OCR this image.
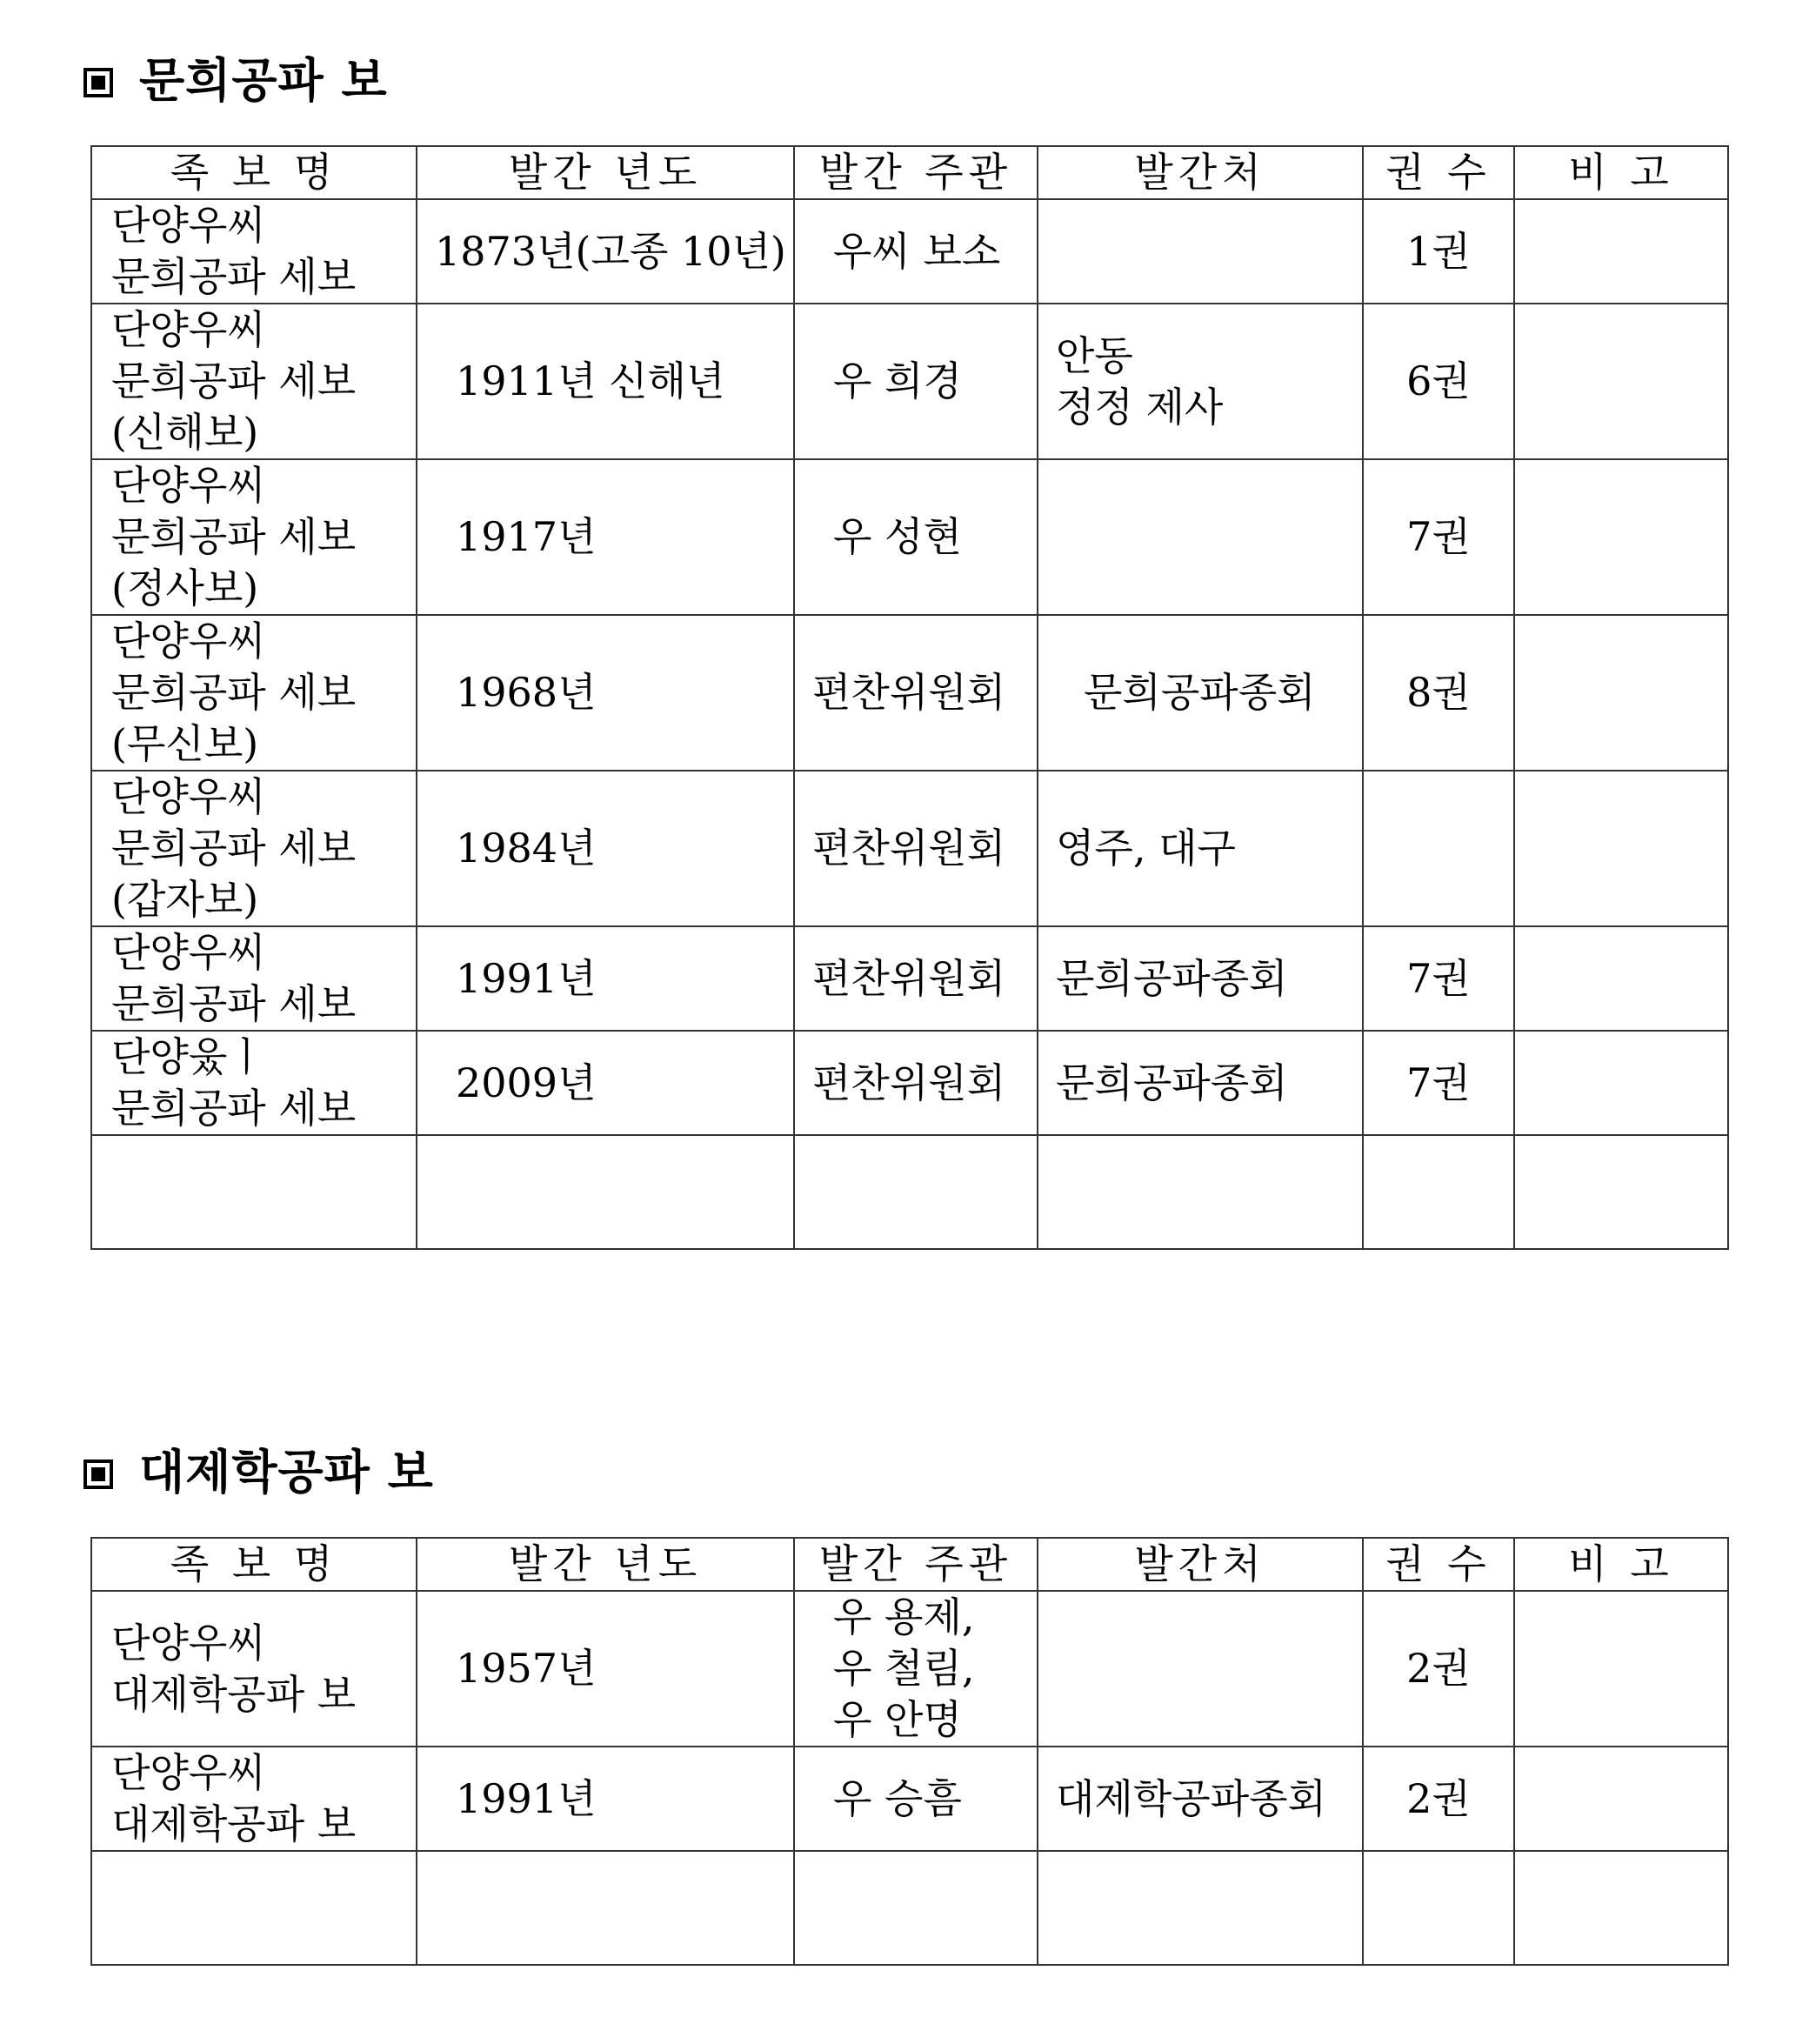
문희공파 보
족 보 명	발간 년도	발간 주관	발간처	권 수	비 고
단양우씨
문희공파 세보	1873년(고종 10년)	우씨 보소		1권	
단양우씨
문희공파 세보
(신해보)	1911년 신해년	우 희경	안동
정정 제사	6권	
단양우씨
문희공파 세보
(정사보)	1917년	우 성현		7권	
단양우씨
문희공파 세보
(무신보)	1968년	편찬위원회	문희공파종회	8권	
단양우씨
문희공파 세보
(갑자보)	1984년	편찬위원회	영주, 대구		
단양우씨
문희공파 세보	1991년	편찬위원회	문희공파종회	7권	
단양웄ㅣ
문희공파 세보	2009년	편찬위원회	문희공파종회	7권	

대제학공파 보
족 보 명	발간 년도	발간 주관	발간처	권 수	비 고
단양우씨
대제학공파 보	1957년	우 용제,
우 철림,
우 안명		2권	
단양우씨
대제학공파 보	1991년	우 승흠	대제학공파종회	2권	
